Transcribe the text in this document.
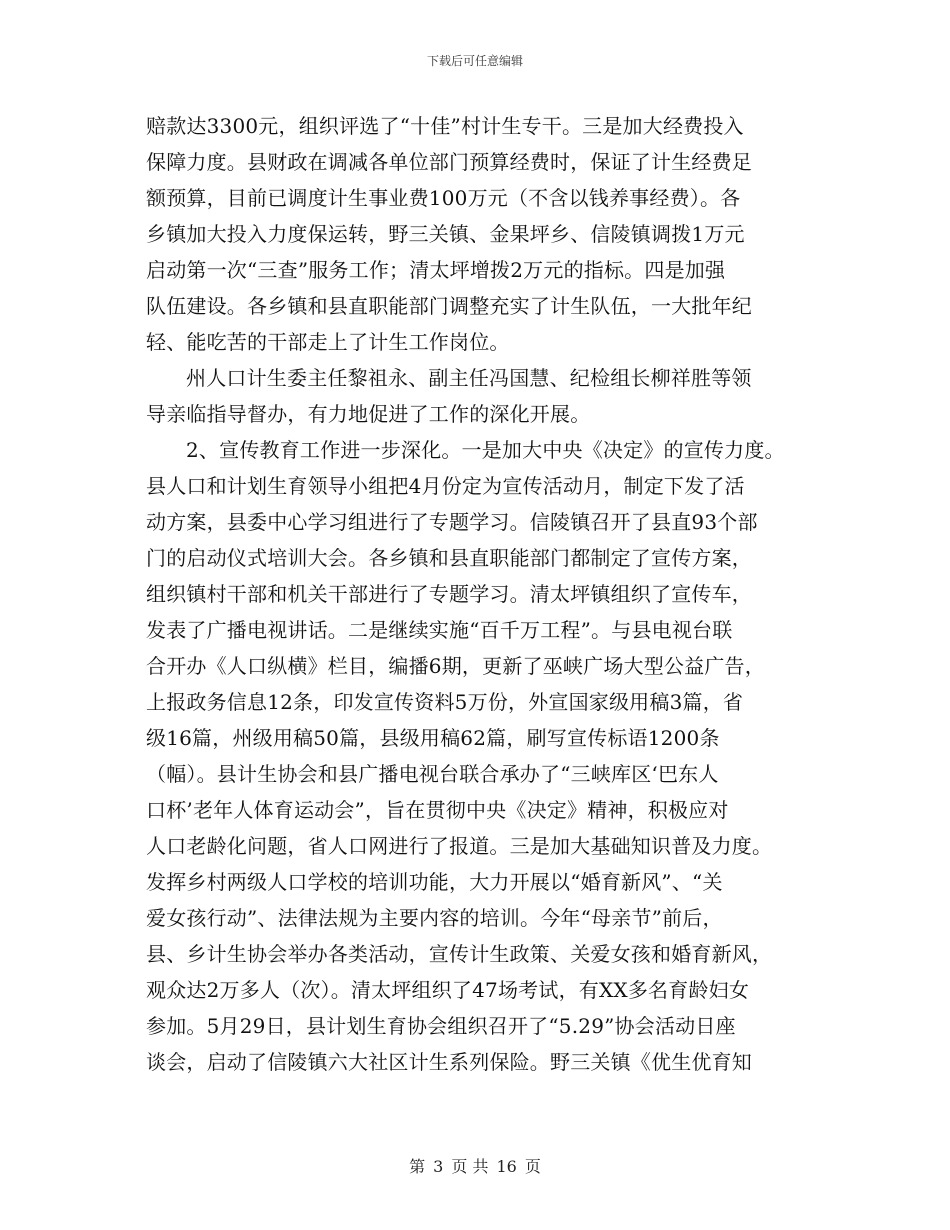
下载后可任意编辑
赔款达3300元，组织评选了“十佳”村计生专干。三是加大经费投入
保障力度。县财政在调减各单位部门预算经费时，保证了计生经费足
额预算，目前已调度计生事业费100万元（不含以钱养事经费）。各
乡镇加大投入力度保运转，野三关镇、金果坪乡、信陵镇调拨1万元
启动第一次“三查”服务工作；清太坪增拨2万元的指标。四是加强
队伍建设。各乡镇和县直职能部门调整充实了计生队伍，一大批年纪
轻、能吃苦的干部走上了计生工作岗位。
州人口计生委主任黎祖永、副主任冯国慧、纪检组长柳祥胜等领
导亲临指导督办，有力地促进了工作的深化开展。
2、宣传教育工作进一步深化。一是加大中央《决定》的宣传力度。
县人口和计划生育领导小组把4月份定为宣传活动月，制定下发了活
动方案，县委中心学习组进行了专题学习。信陵镇召开了县直93个部
门的启动仪式培训大会。各乡镇和县直职能部门都制定了宣传方案，
组织镇村干部和机关干部进行了专题学习。清太坪镇组织了宣传车，
发表了广播电视讲话。二是继续实施“百千万工程”。与县电视台联
合开办《人口纵横》栏目，编播6期，更新了巫峡广场大型公益广告，
上报政务信息12条，印发宣传资料5万份，外宣国家级用稿3篇，省
级16篇，州级用稿50篇，县级用稿62篇，刷写宣传标语1200条
（幅）。县计生协会和县广播电视台联合承办了“三峡库区‘巴东人
口杯’老年人体育运动会”，旨在贯彻中央《决定》精神，积极应对
人口老龄化问题，省人口网进行了报道。三是加大基础知识普及力度。
发挥乡村两级人口学校的培训功能，大力开展以“婚育新风”、“关
爱女孩行动”、法律法规为主要内容的培训。今年“母亲节”前后，
县、乡计生协会举办各类活动，宣传计生政策、关爱女孩和婚育新风，
观众达2万多人（次）。清太坪组织了47场考试，有XX多名育龄妇女
参加。5月29日，县计划生育协会组织召开了“5.29”协会活动日座
谈会，启动了信陵镇六大社区计生系列保险。野三关镇《优生优育知
第 3 页 共 16 页
